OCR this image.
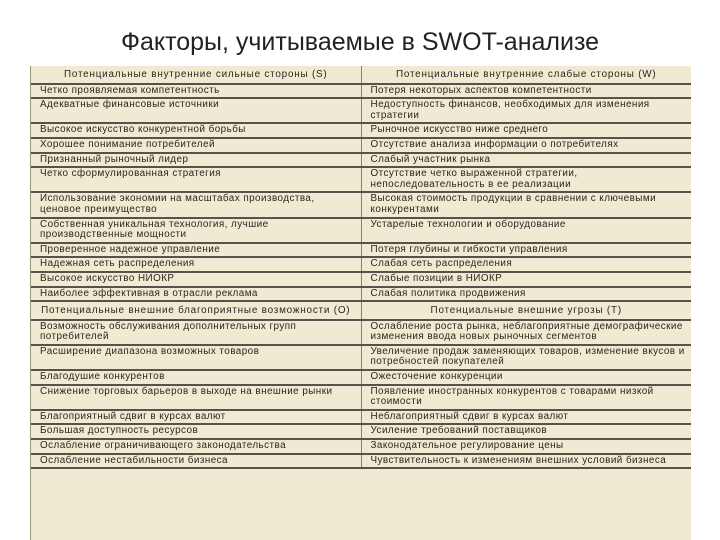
Факторы, учитываемые в SWOT-анализе
Потенциальные внутренние сильные стороны (S)	Потенциальные внутренние слабые стороны (W)
Четко проявляемая компетентность	Потеря некоторых аспектов компетентности
Адекватные финансовые источники	Недоступность финансов, необходимых для изменения стратегии
Высокое искусство конкурентной борьбы	Рыночное искусство ниже среднего
Хорошее понимание потребителей	Отсутствие анализа информации о потребителях
Признанный рыночный лидер	Слабый участник рынка
Четко сформулированная стратегия	Отсутствие четко выраженной стратегии, непоследовательность в ее реализации
Использование экономии на масштабах производства, ценовое преимущество	Высокая стоимость продукции в сравнении с ключевыми конкурентами
Собственная уникальная технология, лучшие производственные мощности	Устарелые технологии и оборудование
Проверенное надежное управление	Потеря глубины и гибкости управления
Надежная сеть распределения	Слабая сеть распределения
Высокое искусство НИОКР	Слабые позиции в НИОКР
Наиболее эффективная в отрасли реклама	Слабая политика продвижения
Потенциальные внешние благоприятные возможности (О)	Потенциальные внешние угрозы (Т)
Возможность обслуживания дополнительных групп потребителей	Ослабление роста рынка, неблагоприятные демографические изменения ввода новых рыночных сегментов
Расширение диапазона возможных товаров	Увеличение продаж заменяющих товаров, изменение вкусов и потребностей покупателей
Благодушие конкурентов	Ожесточение конкуренции
Снижение торговых барьеров в выходе на внешние рынки	Появление иностранных конкурентов с товарами низкой стоимости
Благоприятный сдвиг в курсах валют	Неблагоприятный сдвиг в курсах валют
Большая доступность ресурсов	Усиление требований поставщиков
Ослабление ограничивающего законодательства	Законодательное регулирование цены
Ослабление нестабильности бизнеса	Чувствительность к изменениям внешних условий бизнеса
